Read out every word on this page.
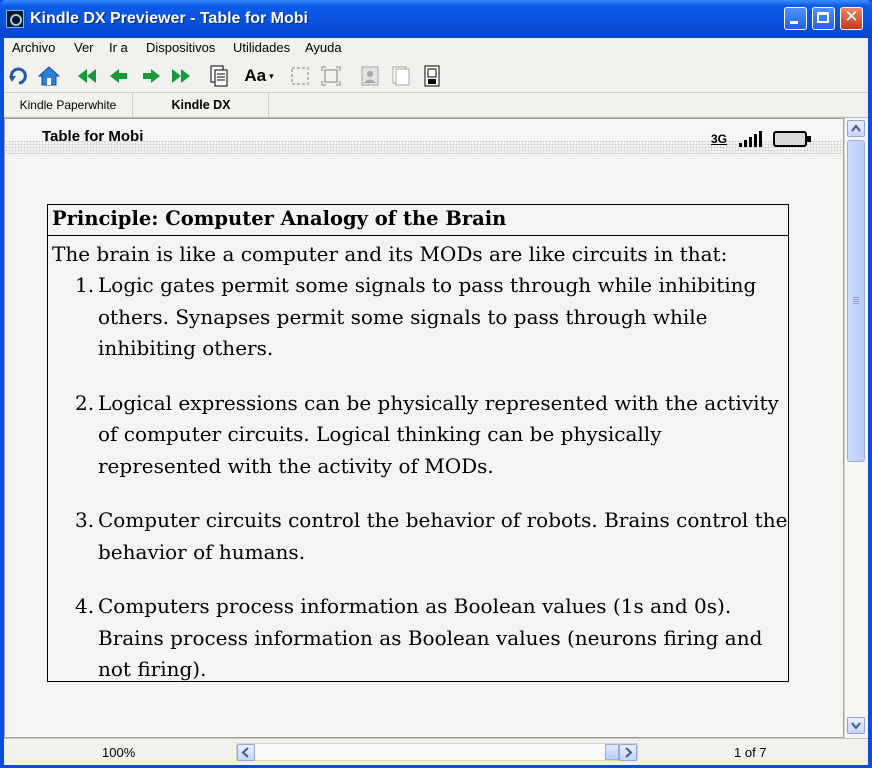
Kindle DX Previewer - Table for Mobi	✕
Archivo Ver Ir a Dispositivos Utilidades Ayuda
Aa ▾
Kindle Paperwhite	Kindle DX
Table for Mobi	3G
Principle: Computer Analogy of the Brain
The brain is like a computer and its MODs are like circuits in that:
1. Logic gates permit some signals to pass through while inhibiting others. Synapses permit some signals to pass through while inhibiting others.
2. Logical expressions can be physically represented with the activity of computer circuits. Logical thinking can be physically represented with the activity of MODs.
3. Computer circuits control the behavior of robots. Brains control the behavior of humans.
4. Computers process information as Boolean values (1s and 0s). Brains process information as Boolean values (neurons firing and not firing).
100%	1 of 7
